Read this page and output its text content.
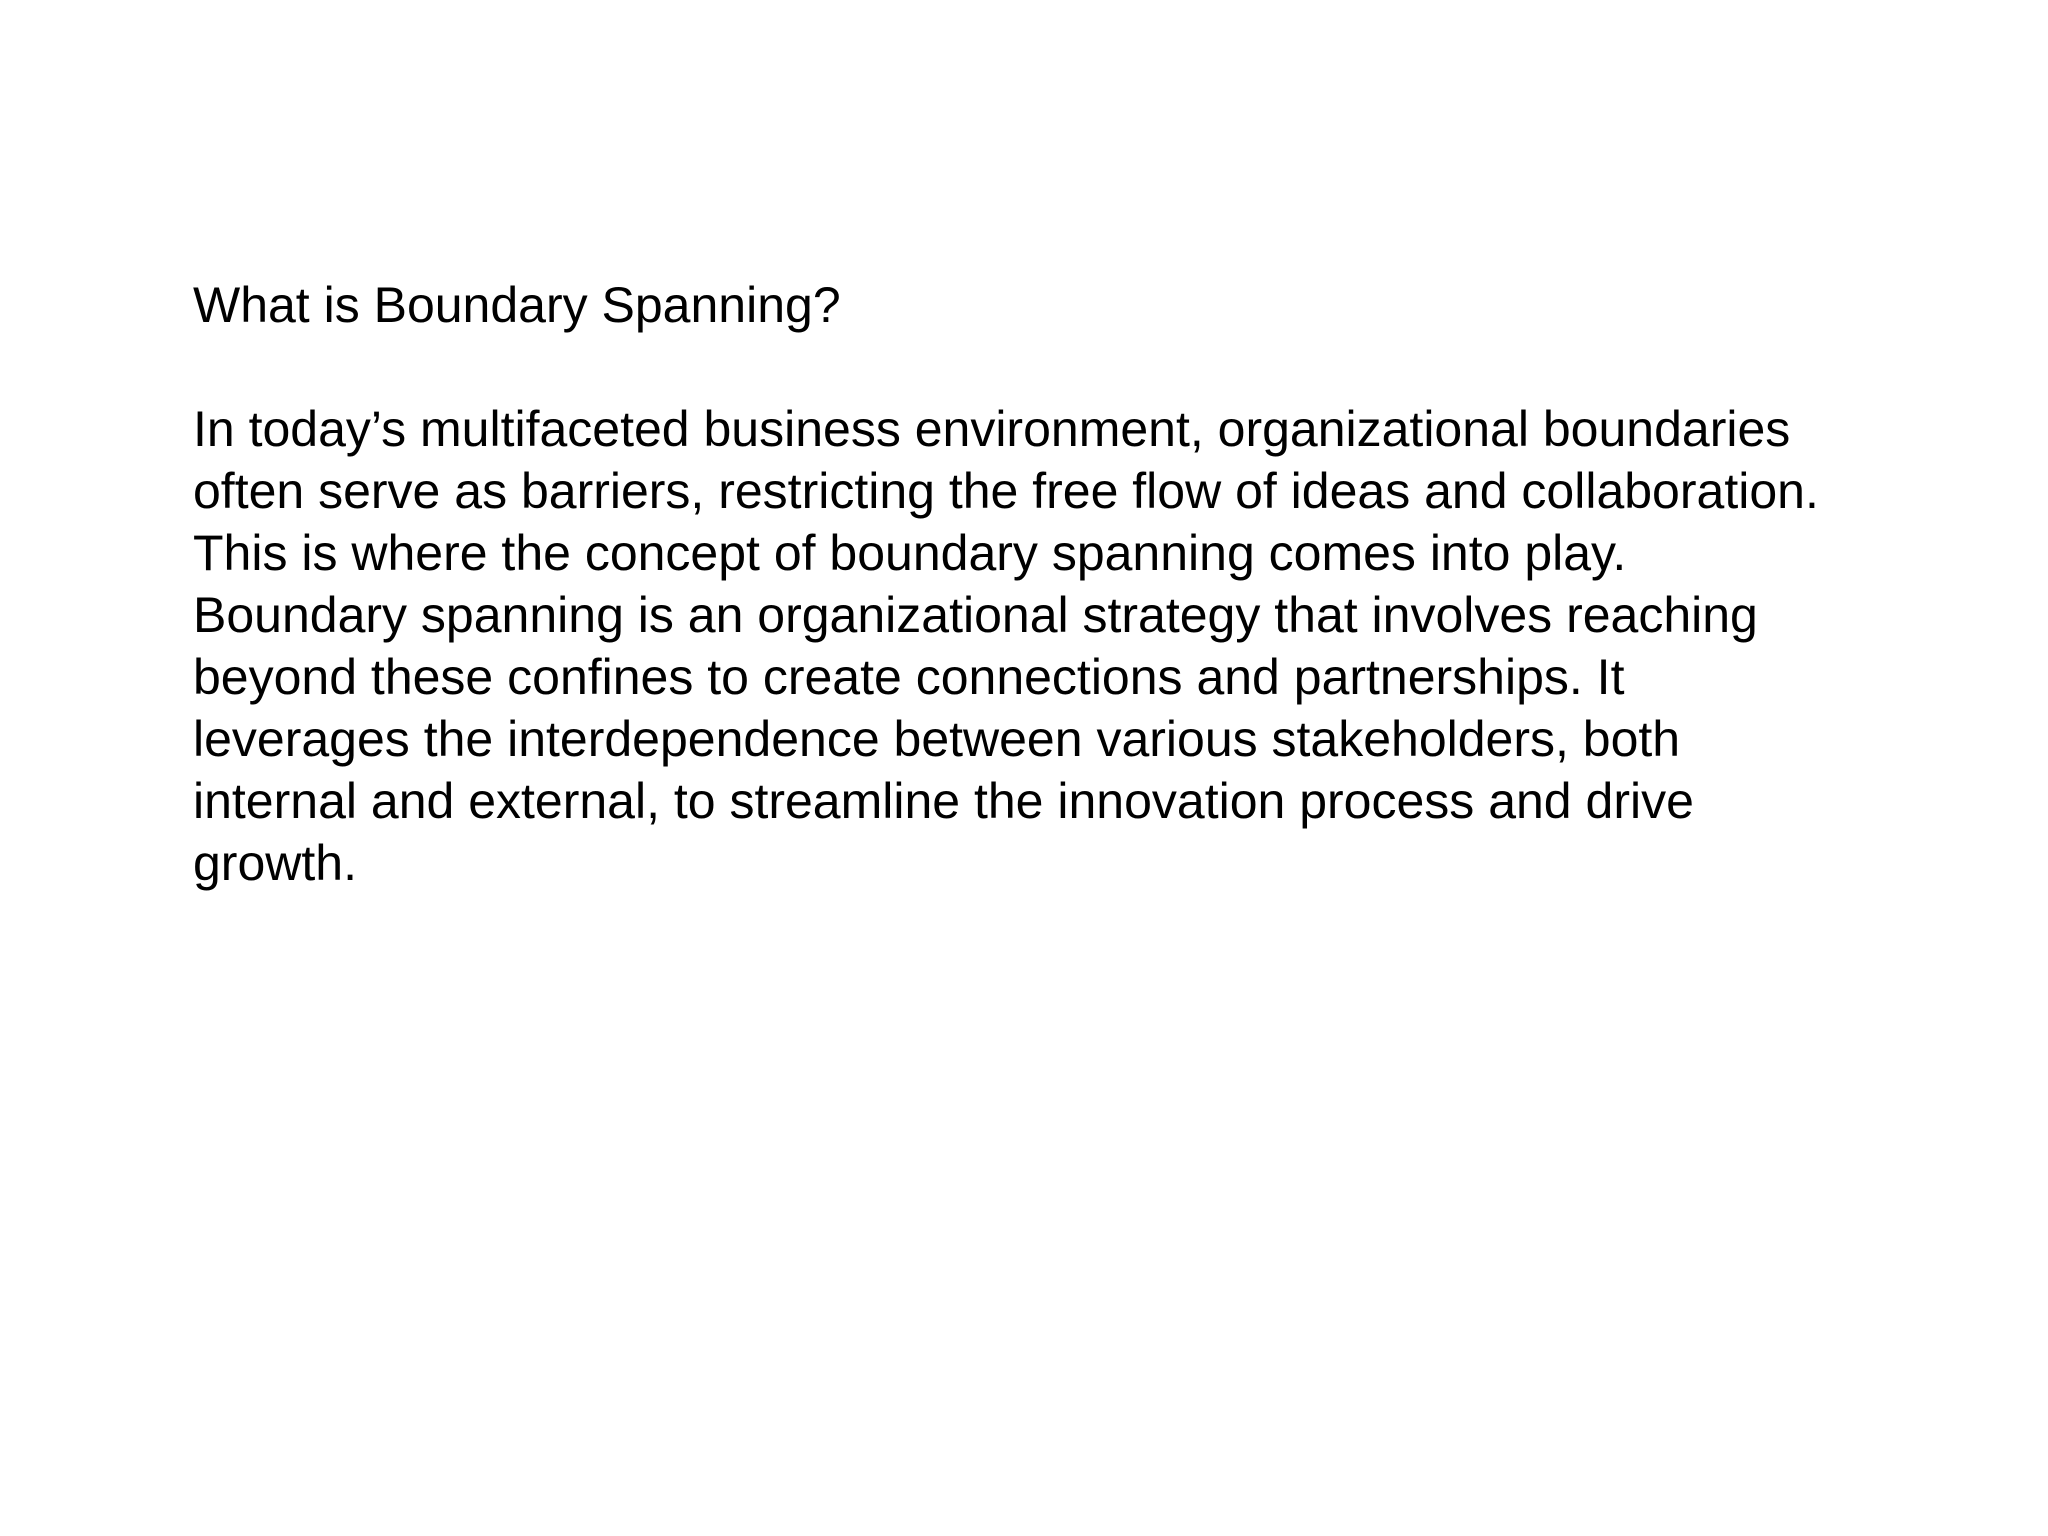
What is Boundary Spanning?

In today’s multifaceted business environment, organizational boundaries
often serve as barriers, restricting the free flow of ideas and collaboration.
This is where the concept of boundary spanning comes into play.
Boundary spanning is an organizational strategy that involves reaching
beyond these confines to create connections and partnerships. It
leverages the interdependence between various stakeholders, both
internal and external, to streamline the innovation process and drive
growth.
